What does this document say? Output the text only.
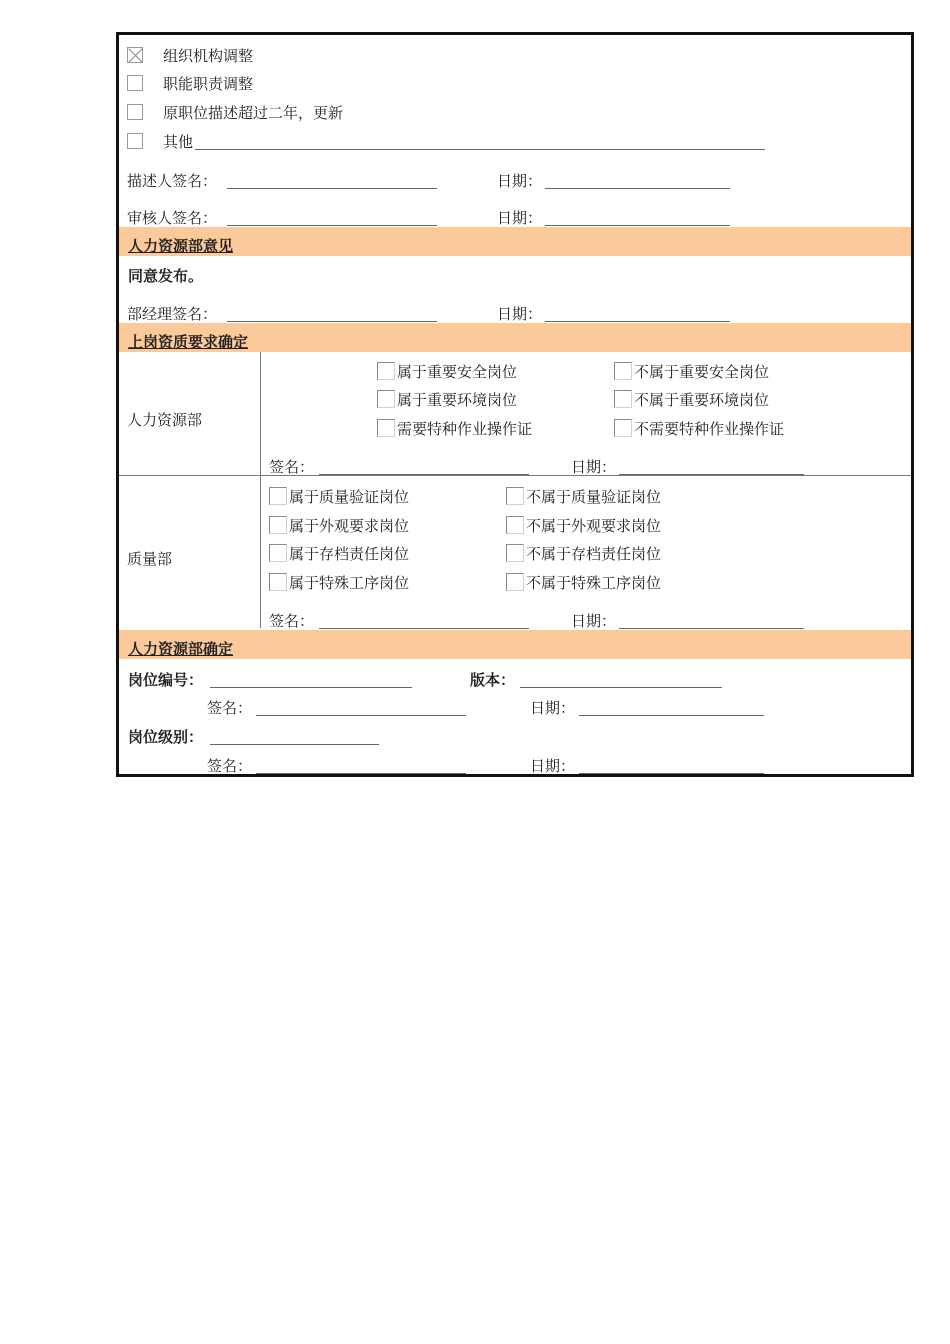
组织机构调整
职能职责调整
原职位描述超过二年，更新
其他
描述人签名：	日期：
审核人签名：	日期：
人力资源部意见
同意发布。
部经理签名：	日期：
上岗资质要求确定
人力资源部
属于重要安全岗位	不属于重要安全岗位
属于重要环境岗位	不属于重要环境岗位
需要特种作业操作证	不需要特种作业操作证
签名：	日期：
质量部
属于质量验证岗位	不属于质量验证岗位
属于外观要求岗位	不属于外观要求岗位
属于存档责任岗位	不属于存档责任岗位
属于特殊工序岗位	不属于特殊工序岗位
签名：	日期：
人力资源部确定
岗位编号：	版本：
签名：	日期：
岗位级别：
签名：	日期：
